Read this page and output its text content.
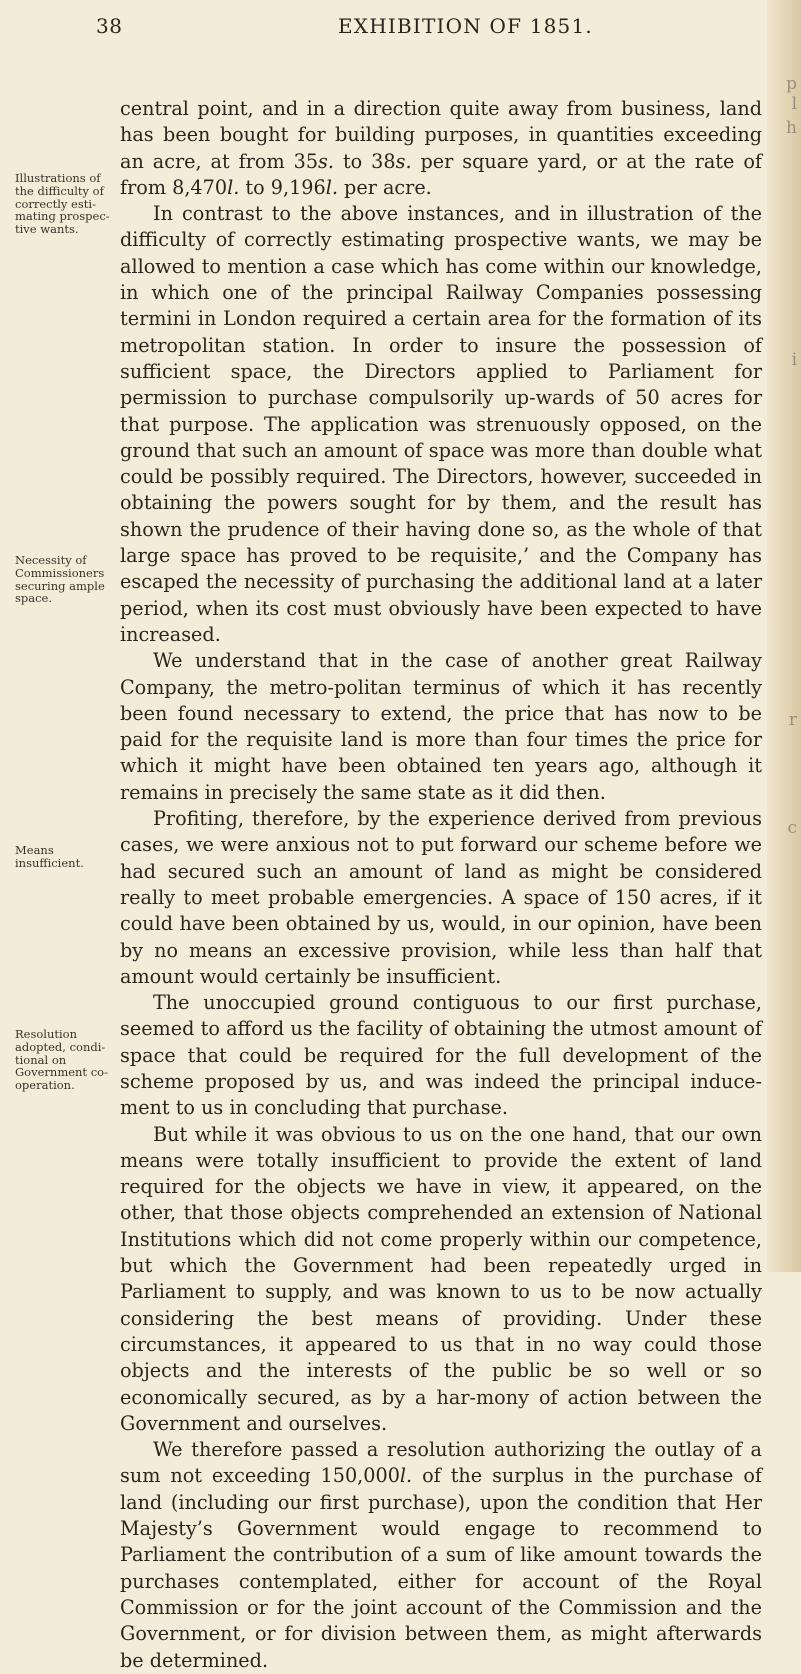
p
l
h
i
r
c
38	EXHIBITION OF 1851.

Illustrations of the difficulty of correctly esti- mating prospec- tive wants.

Necessity of Commissioners securing ample space.

Means insufficient.

Resolution adopted, condi- tional on Government co-operation.

central point, and in a direction quite away from business, land has been bought for building purposes, in quantities exceeding an acre, at from 35s. to 38s. per square yard, or at the rate of from 8,470l. to 9,196l. per acre.

In contrast to the above instances, and in illustration of the difficulty of correctly estimating prospective wants, we may be allowed to mention a case which has come within our knowledge, in which one of the principal Railway Companies possessing termini in London required a certain area for the formation of its metropolitan station. In order to insure the possession of sufficient space, the Directors applied to Parliament for permission to purchase compulsorily up-wards of 50 acres for that purpose. The application was strenuously opposed, on the ground that such an amount of space was more than double what could be possibly required. The Directors, however, succeeded in obtaining the powers sought for by them, and the result has shown the prudence of their having done so, as the whole of that large space has proved to be requisite,’ and the Company has escaped the necessity of purchasing the additional land at a later period, when its cost must obviously have been expected to have increased.

We understand that in the case of another great Railway Company, the metro-politan terminus of which it has recently been found necessary to extend, the price that has now to be paid for the requisite land is more than four times the price for which it might have been obtained ten years ago, although it remains in precisely the same state as it did then.

Profiting, therefore, by the experience derived from previous cases, we were anxious not to put forward our scheme before we had secured such an amount of land as might be considered really to meet probable emergencies. A space of 150 acres, if it could have been obtained by us, would, in our opinion, have been by no means an excessive provision, while less than half that amount would certainly be insufficient.

The unoccupied ground contiguous to our first purchase, seemed to afford us the facility of obtaining the utmost amount of space that could be required for the full development of the scheme proposed by us, and was indeed the principal induce-ment to us in concluding that purchase.

But while it was obvious to us on the one hand, that our own means were totally insufficient to provide the extent of land required for the objects we have in view, it appeared, on the other, that those objects comprehended an extension of National Institutions which did not come properly within our competence, but which the Government had been repeatedly urged in Parliament to supply, and was known to us to be now actually considering the best means of providing. Under these circumstances, it appeared to us that in no way could those objects and the interests of the public be so well or so economically secured, as by a har-mony of action between the Government and ourselves.

We therefore passed a resolution authorizing the outlay of a sum not exceeding 150,000l. of the surplus in the purchase of land (including our first purchase), upon the condition that Her Majesty’s Government would engage to recommend to Parliament the contribution of a sum of like amount towards the purchases contemplated, either for account of the Royal Commission or for the joint account of the Commission and the Government, or for division between them, as might afterwards be determined.
